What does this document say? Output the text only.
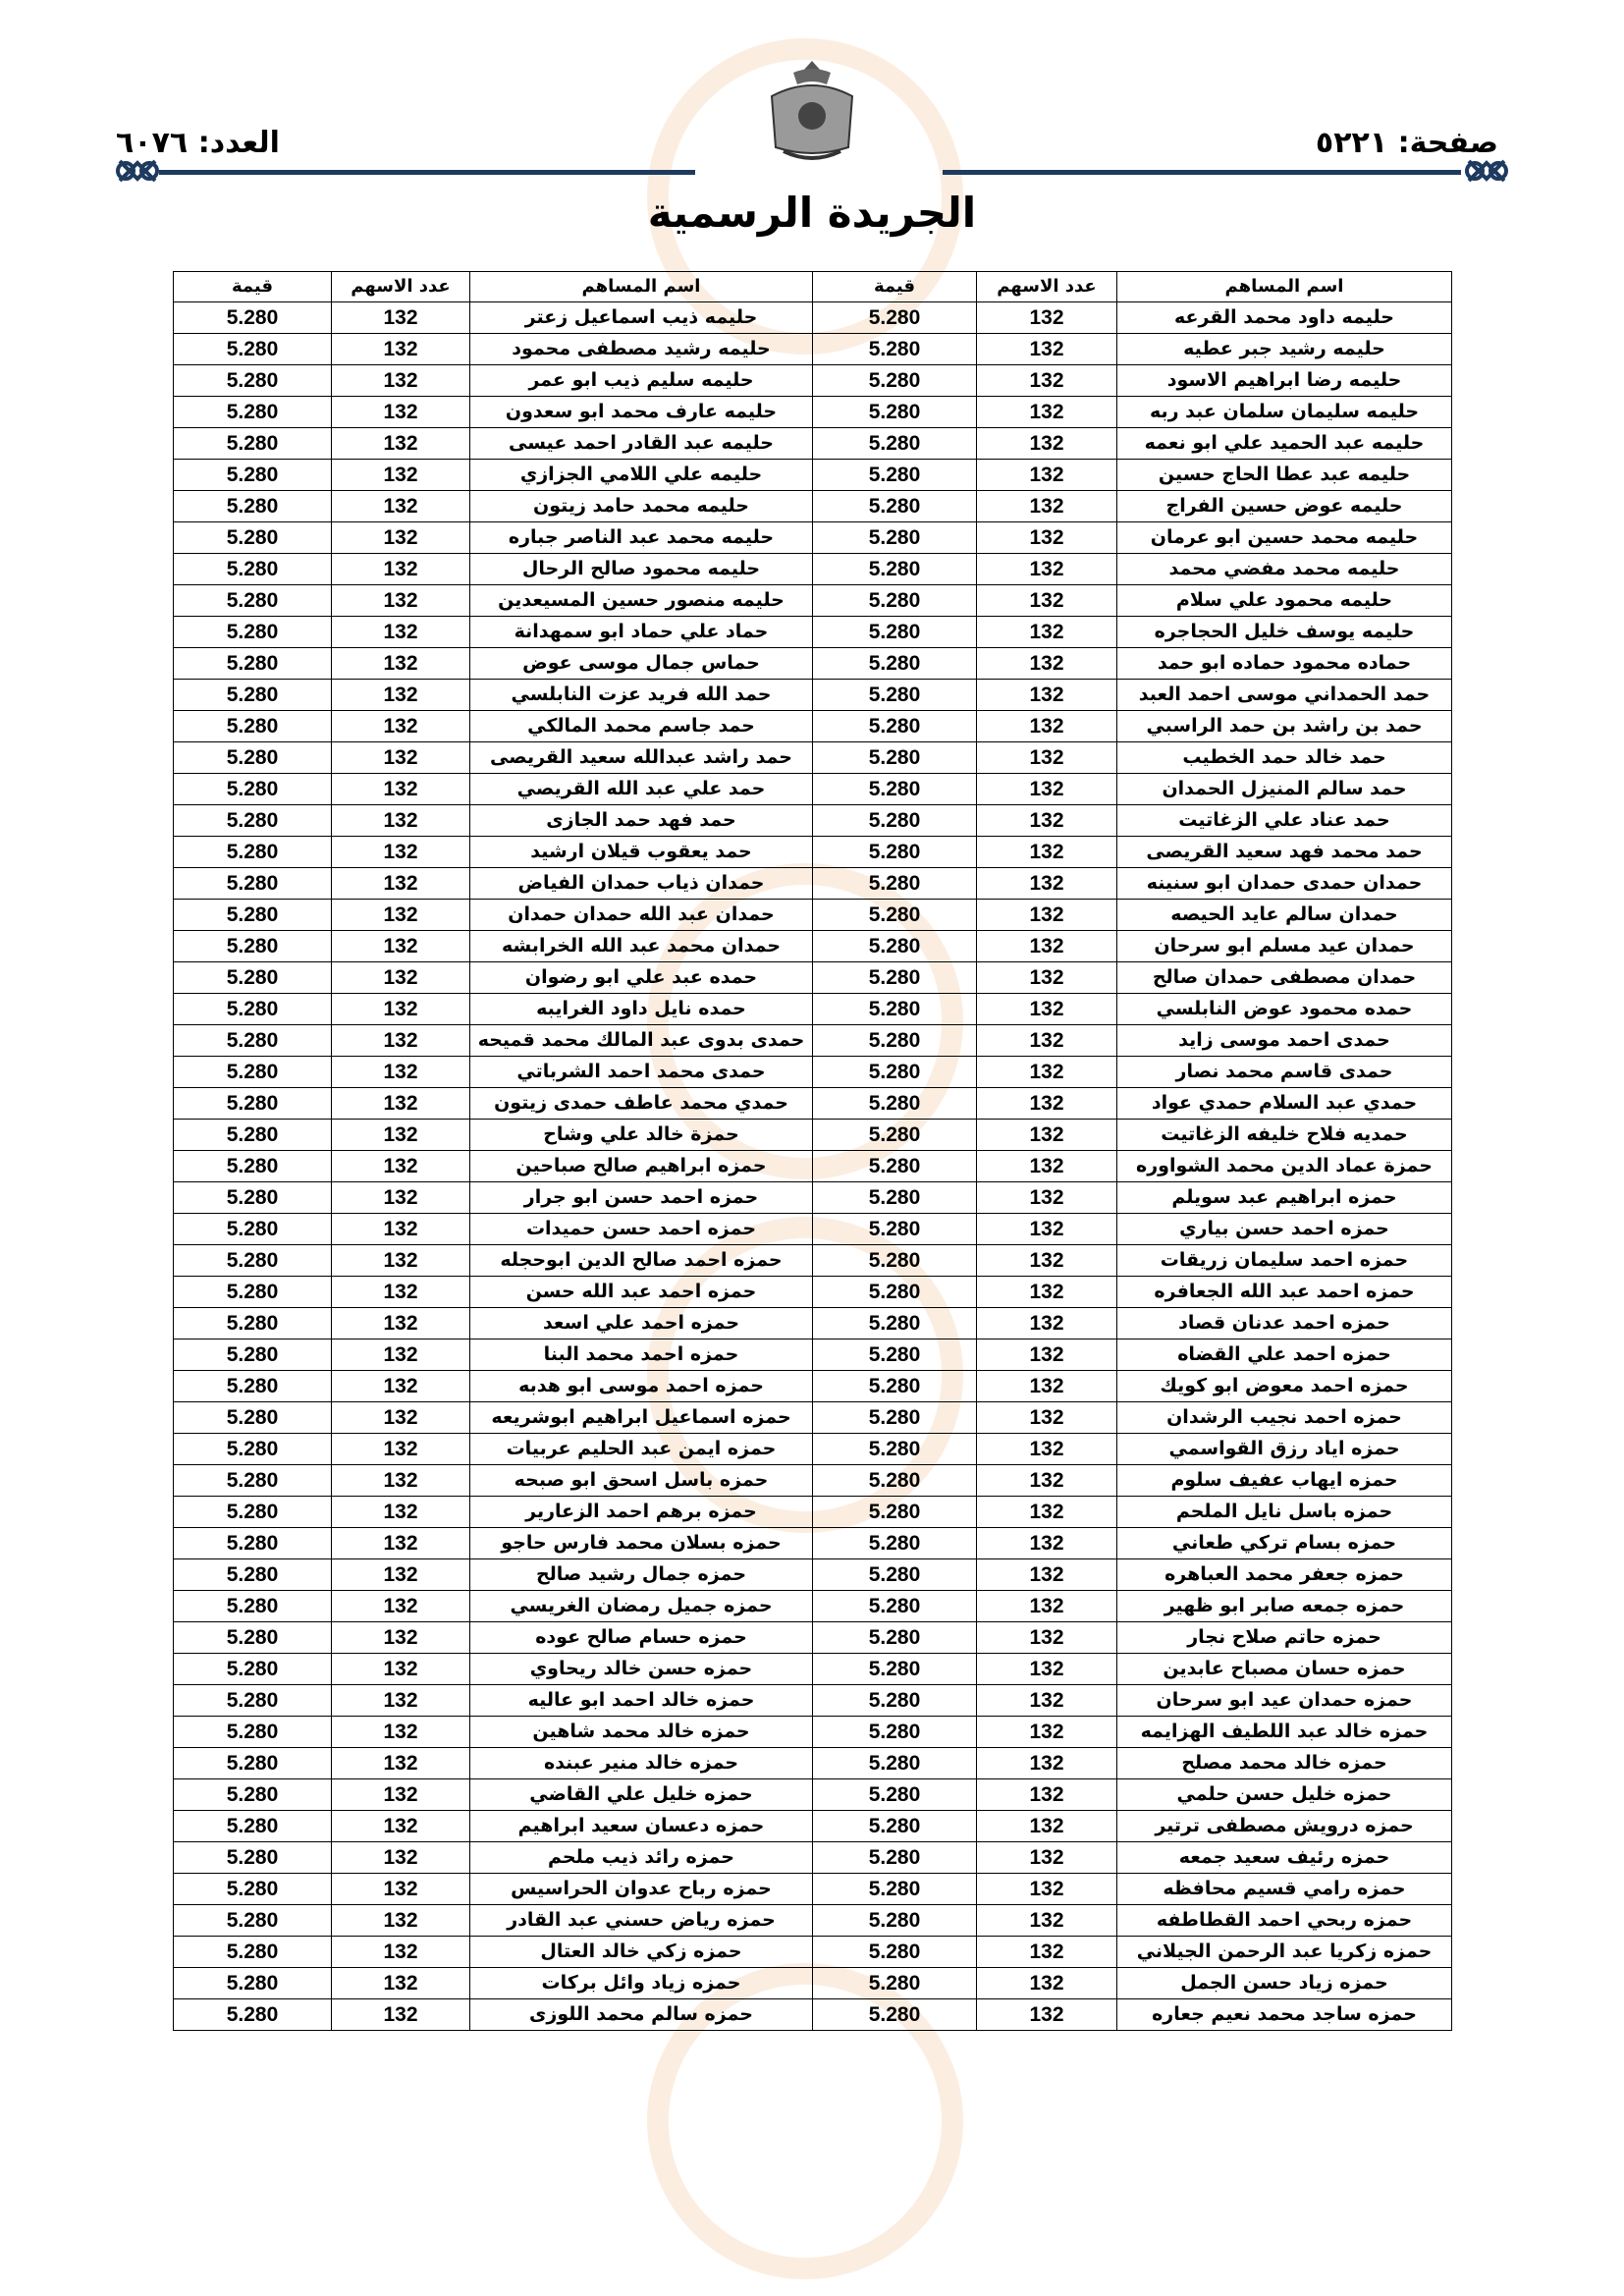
صفحة: ٥٢٢١
العدد: ٦٠٧٦
الجريدة الرسمية
اسم المساهم	عدد الاسهم	قيمة	اسم المساهم	عدد الاسهم	قيمة
حليمه داود محمد القرعه	132	5.280	حليمه ذيب اسماعيل زعتر	132	5.280
حليمه رشيد جبر عطيه	132	5.280	حليمه رشيد مصطفى محمود	132	5.280
حليمه رضا ابراهيم الاسود	132	5.280	حليمه سليم ذيب ابو عمر	132	5.280
حليمه سليمان سلمان عبد ربه	132	5.280	حليمه عارف محمد ابو سعدون	132	5.280
حليمه عبد الحميد علي ابو نعمه	132	5.280	حليمه عبد القادر احمد عيسى	132	5.280
حليمه عبد عطا الحاج حسين	132	5.280	حليمه علي اللامي الجزازي	132	5.280
حليمه عوض حسين الفراج	132	5.280	حليمه محمد حامد زيتون	132	5.280
حليمه محمد حسين ابو عرمان	132	5.280	حليمه محمد عبد الناصر جباره	132	5.280
حليمه محمد مفضي محمد	132	5.280	حليمه محمود صالح الرحال	132	5.280
حليمه محمود علي سلام	132	5.280	حليمه منصور حسين المسيعدين	132	5.280
حليمه يوسف خليل الحجاجره	132	5.280	حماد علي حماد ابو سمهدانة	132	5.280
حماده محمود حماده ابو حمد	132	5.280	حماس جمال موسى عوض	132	5.280
حمد الحمداني موسى احمد العبد	132	5.280	حمد الله فريد عزت النابلسي	132	5.280
حمد بن راشد بن حمد الراسبي	132	5.280	حمد جاسم محمد المالكي	132	5.280
حمد خالد حمد الخطيب	132	5.280	حمد راشد عبدالله سعيد القريصى	132	5.280
حمد سالم المنيزل الحمدان	132	5.280	حمد علي عبد الله القريصي	132	5.280
حمد عناد علي الزغاتيت	132	5.280	حمد فهد حمد الجازى	132	5.280
حمد محمد فهد سعيد القريصى	132	5.280	حمد يعقوب قيلان ارشيد	132	5.280
حمدان حمدى حمدان ابو سنينه	132	5.280	حمدان ذياب حمدان الفياض	132	5.280
حمدان سالم عايد الحيصه	132	5.280	حمدان عبد الله حمدان حمدان	132	5.280
حمدان عيد مسلم ابو سرحان	132	5.280	حمدان محمد عبد الله الخرابشه	132	5.280
حمدان مصطفى حمدان صالح	132	5.280	حمده عبد علي ابو رضوان	132	5.280
حمده محمود عوض النابلسي	132	5.280	حمده نايل داود الغرايبه	132	5.280
حمدى احمد موسى زايد	132	5.280	حمدى بدوى عبد المالك محمد قميحه	132	5.280
حمدى قاسم محمد نصار	132	5.280	حمدى محمد احمد الشرباتي	132	5.280
حمدي عبد السلام حمدي عواد	132	5.280	حمدي محمد عاطف حمدى زيتون	132	5.280
حمديه فلاح خليفه الزغاتيت	132	5.280	حمزة خالد علي وشاح	132	5.280
حمزة عماد الدين محمد الشواوره	132	5.280	حمزه ابراهيم صالح صباحين	132	5.280
حمزه ابراهيم عبد سويلم	132	5.280	حمزه احمد حسن ابو جرار	132	5.280
حمزه احمد حسن بياري	132	5.280	حمزه احمد حسن حميدات	132	5.280
حمزه احمد سليمان زريقات	132	5.280	حمزه احمد صالح الدين ابوحجله	132	5.280
حمزه احمد عبد الله الجعافره	132	5.280	حمزه احمد عبد الله حسن	132	5.280
حمزه احمد عدنان قصاد	132	5.280	حمزه احمد علي اسعد	132	5.280
حمزه احمد علي القضاه	132	5.280	حمزه احمد محمد البنا	132	5.280
حمزه احمد معوض ابو كويك	132	5.280	حمزه احمد موسى ابو هدبه	132	5.280
حمزه احمد نجيب الرشدان	132	5.280	حمزه اسماعيل ابراهيم ابوشريعه	132	5.280
حمزه اياد رزق القواسمي	132	5.280	حمزه ايمن عبد الحليم عربيات	132	5.280
حمزه ايهاب عفيف سلوم	132	5.280	حمزه باسل اسحق ابو صبحه	132	5.280
حمزه باسل نايل الملحم	132	5.280	حمزه برهم احمد الزعارير	132	5.280
حمزه بسام تركي طعاني	132	5.280	حمزه بسلان محمد فارس حاجو	132	5.280
حمزه جعفر محمد العباهره	132	5.280	حمزه جمال رشيد صالح	132	5.280
حمزه جمعه صابر ابو ظهير	132	5.280	حمزه جميل رمضان الغريسي	132	5.280
حمزه حاتم صلاح نجار	132	5.280	حمزه حسام صالح عوده	132	5.280
حمزه حسان مصباح عابدين	132	5.280	حمزه حسن خالد ريحاوي	132	5.280
حمزه حمدان عيد ابو سرحان	132	5.280	حمزه خالد احمد ابو عاليه	132	5.280
حمزه خالد عبد اللطيف الهزايمه	132	5.280	حمزه خالد محمد شاهين	132	5.280
حمزه خالد محمد مصلح	132	5.280	حمزه خالد منير عبنده	132	5.280
حمزه خليل حسن حلمي	132	5.280	حمزه خليل علي القاضي	132	5.280
حمزه درويش مصطفى ترتير	132	5.280	حمزه دعسان سعيد ابراهيم	132	5.280
حمزه رئيف سعيد جمعه	132	5.280	حمزه رائد ذيب ملحم	132	5.280
حمزه رامي قسيم محافظه	132	5.280	حمزه رباح عدوان الحراسيس	132	5.280
حمزه ربحي احمد القطاطفه	132	5.280	حمزه رياض حسني عبد القادر	132	5.280
حمزه زكريا عبد الرحمن الجيلاني	132	5.280	حمزه زكي خالد العتال	132	5.280
حمزه زياد حسن الجمل	132	5.280	حمزه زياد وائل بركات	132	5.280
حمزه ساجد محمد نعيم جعاره	132	5.280	حمزه سالم محمد اللوزى	132	5.280
